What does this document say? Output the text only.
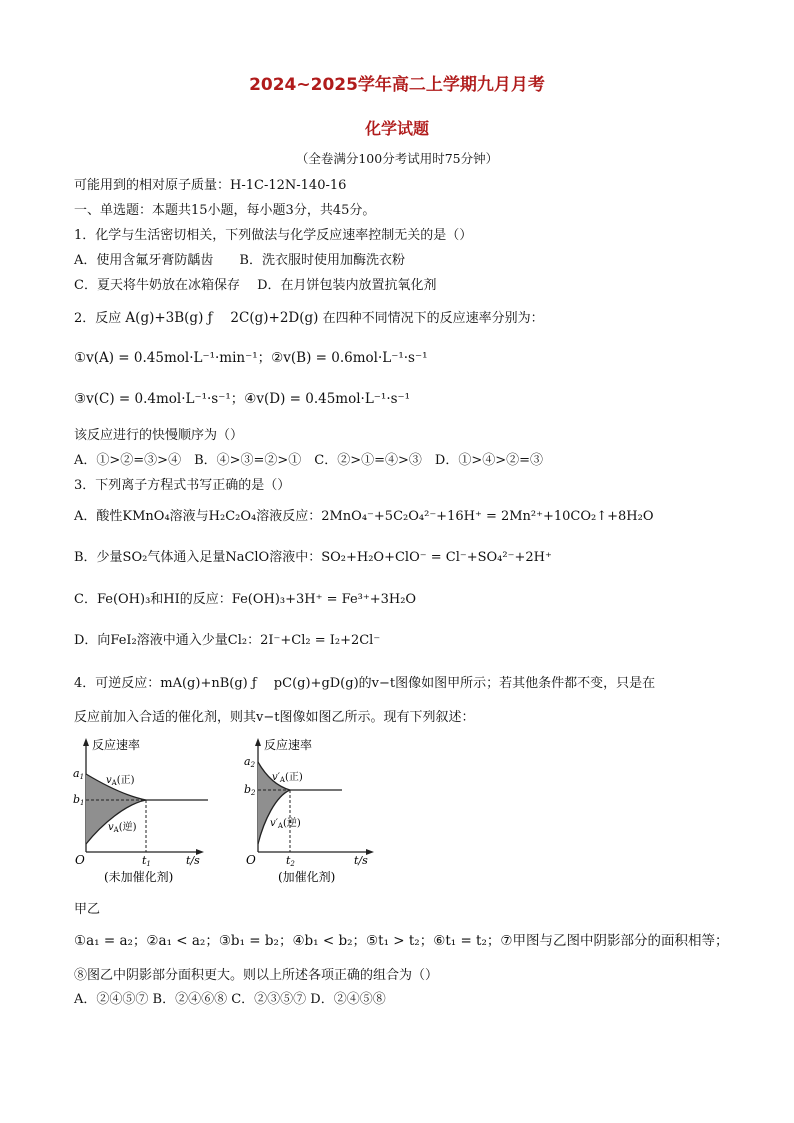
2024~2025学年高二上学期九月月考
化学试题
（全卷满分100分考试用时75分钟）
可能用到的相对原子质量：H-1C-12N-140-16
一、单选题：本题共15小题，每小题3分，共45分。
1．化学与生活密切相关，下列做法与化学反应速率控制无关的是（）
A．使用含氟牙膏防龋齿　　B．洗衣服时使用加酶洗衣粉
C．夏天将牛奶放在冰箱保存　 D．在月饼包装内放置抗氧化剂
2．反应 A(g)+3B(g) ƒ 　2C(g)+2D(g) 在四种不同情况下的反应速率分别为：
①v(A) = 0.45mol·L⁻¹·min⁻¹；②v(B) = 0.6mol·L⁻¹·s⁻¹
③v(C) = 0.4mol·L⁻¹·s⁻¹；④v(D) = 0.45mol·L⁻¹·s⁻¹
该反应进行的快慢顺序为（）
A．①>②=③>④　B．④>③=②>①　C．②>①=④>③　D．①>④>②=③
3．下列离子方程式书写正确的是（）
A．酸性KMnO₄溶液与H₂C₂O₄溶液反应：2MnO₄⁻+5C₂O₄²⁻+16H⁺ = 2Mn²⁺+10CO₂↑+8H₂O
B．少量SO₂气体通入足量NaClO溶液中：SO₂+H₂O+ClO⁻ = Cl⁻+SO₄²⁻+2H⁺
C．Fe(OH)₃和HI的反应：Fe(OH)₃+3H⁺ = Fe³⁺+3H₂O
D．向FeI₂溶液中通入少量Cl₂：2I⁻+Cl₂ = I₂+2Cl⁻
4．可逆反应：mA(g)+nB(g) ƒ 　pC(g)+gD(g)的v−t图像如图甲所示；若其他条件都不变，只是在
反应前加入合适的催化剂，则其v−t图像如图乙所示。现有下列叙述：
反应速率
a1
b1
$v_A$(正)
$v_A$(逆)
O	t1	t/s
(未加催化剂)
反应速率
a2
b2
$v'_A$(正)
$v'_A$(逆)
O	t2	t/s
(加催化剂)
甲乙
①a₁ = a₂；②a₁ < a₂；③b₁ = b₂；④b₁ < b₂；⑤t₁ > t₂；⑥t₁ = t₂；⑦甲图与乙图中阴影部分的面积相等；
⑧图乙中阴影部分面积更大。则以上所述各项正确的组合为（）
A．②④⑤⑦ B．②④⑥⑧ C．②③⑤⑦ D．②④⑤⑧
